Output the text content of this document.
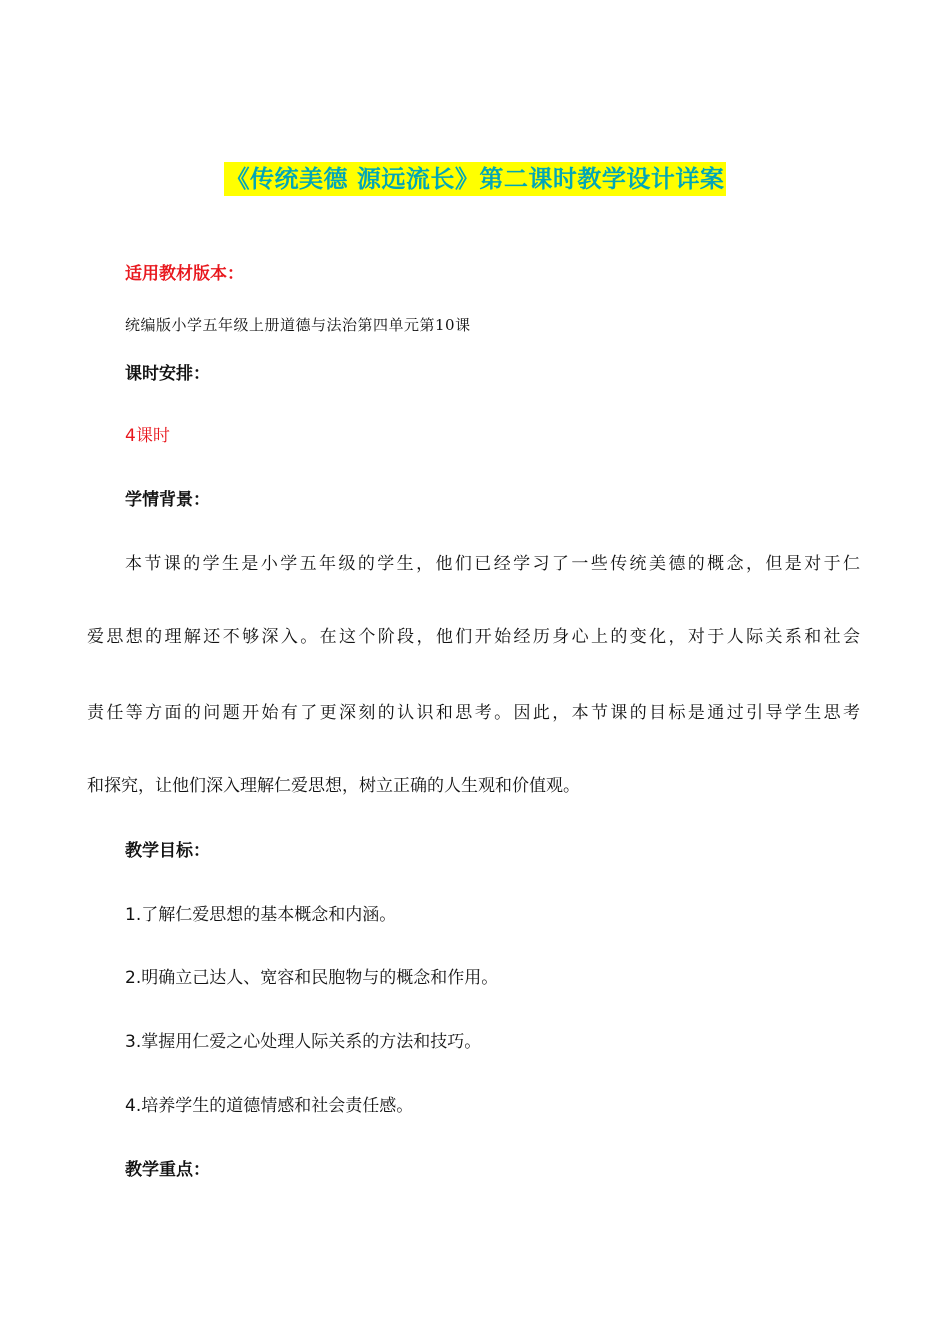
《传统美德 源远流长》第二课时教学设计详案
适用教材版本：
统编版小学五年级上册道德与法治第四单元第10课
课时安排：
4课时
学情背景：
本节课的学生是小学五年级的学生，他们已经学习了一些传统美德的概念，但是对于仁
爱思想的理解还不够深入。在这个阶段，他们开始经历身心上的变化，对于人际关系和社会
责任等方面的问题开始有了更深刻的认识和思考。因此，本节课的目标是通过引导学生思考
和探究，让他们深入理解仁爱思想，树立正确的人生观和价值观。
教学目标：
1.了解仁爱思想的基本概念和内涵。
2.明确立己达人、宽容和民胞物与的概念和作用。
3.掌握用仁爱之心处理人际关系的方法和技巧。
4.培养学生的道德情感和社会责任感。
教学重点：
